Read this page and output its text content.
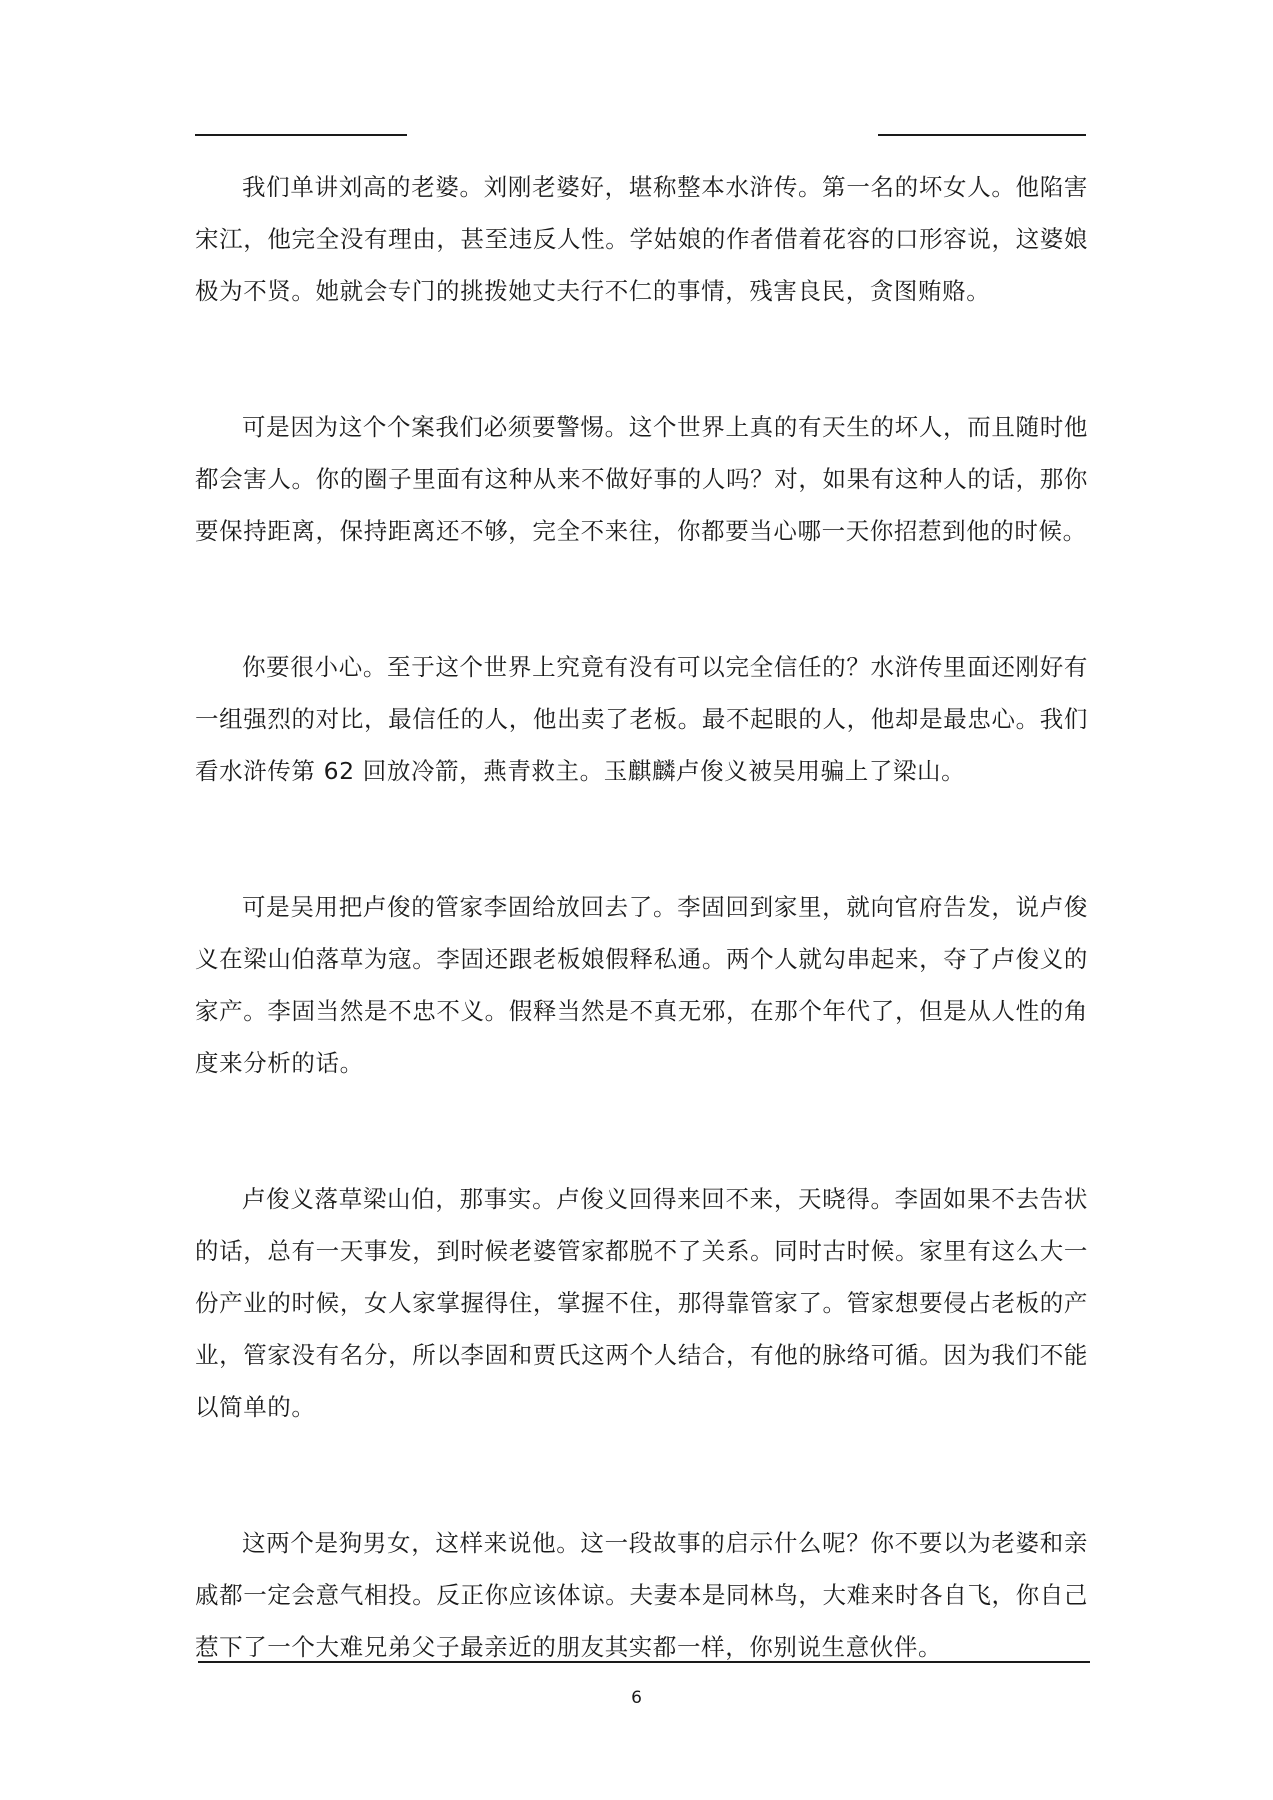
我们单讲刘高的老婆。刘刚老婆好，堪称整本水浒传。第一名的坏女人。他陷害宋江，他完全没有理由，甚至违反人性。学姑娘的作者借着花容的口形容说，这婆娘极为不贤。她就会专门的挑拨她丈夫行不仁的事情，残害良民，贪图贿赂。

可是因为这个个案我们必须要警惕。这个世界上真的有天生的坏人，而且随时他都会害人。你的圈子里面有这种从来不做好事的人吗？对，如果有这种人的话，那你要保持距离，保持距离还不够，完全不来往，你都要当心哪一天你招惹到他的时候。

你要很小心。至于这个世界上究竟有没有可以完全信任的？水浒传里面还刚好有一组强烈的对比，最信任的人，他出卖了老板。最不起眼的人，他却是最忠心。我们看水浒传第 62 回放冷箭，燕青救主。玉麒麟卢俊义被吴用骗上了梁山。

可是吴用把卢俊的管家李固给放回去了。李固回到家里，就向官府告发，说卢俊义在梁山伯落草为寇。李固还跟老板娘假释私通。两个人就勾串起来，夺了卢俊义的家产。李固当然是不忠不义。假释当然是不真无邪，在那个年代了，但是从人性的角度来分析的话。

卢俊义落草梁山伯，那事实。卢俊义回得来回不来，天晓得。李固如果不去告状的话，总有一天事发，到时候老婆管家都脱不了关系。同时古时候。家里有这么大一份产业的时候，女人家掌握得住，掌握不住，那得靠管家了。管家想要侵占老板的产业，管家没有名分，所以李固和贾氏这两个人结合，有他的脉络可循。因为我们不能以简单的。

这两个是狗男女，这样来说他。这一段故事的启示什么呢？你不要以为老婆和亲戚都一定会意气相投。反正你应该体谅。夫妻本是同林鸟，大难来时各自飞，你自己惹下了一个大难兄弟父子最亲近的朋友其实都一样，你别说生意伙伴。

6
